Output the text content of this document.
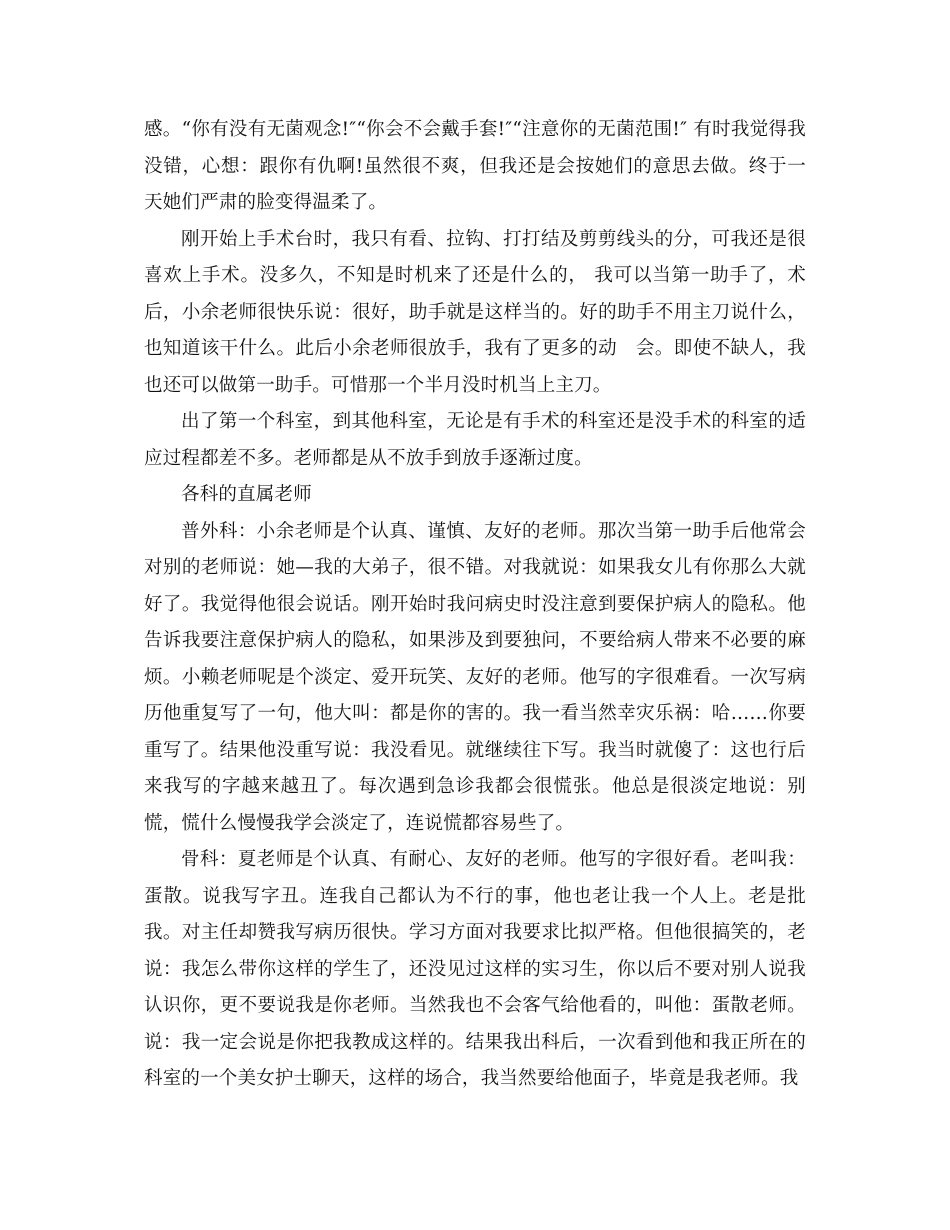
感。“你有没有无菌观念!″“你会不会戴手套!″“注意你的无菌范围!″ 有时我觉得我没错，心想：跟你有仇啊!虽然很不爽，但我还是会按她们的意思去做。终于一天她们严肃的脸变得温柔了。

刚开始上手术台时，我只有看、拉钩、打打结及剪剪线头的分，可我还是很喜欢上手术。没多久，不知是时机来了还是什么的， 我可以当第一助手了，术后，小余老师很快乐说：很好，助手就是这样当的。好的助手不用主刀说什么，也知道该干什么。此后小余老师很放手，我有了更多的动　会。即使不缺人，我也还可以做第一助手。可惜那一个半月没时机当上主刀。

出了第一个科室，到其他科室，无论是有手术的科室还是没手术的科室的适应过程都差不多。老师都是从不放手到放手逐渐过度。

各科的直属老师

普外科：小余老师是个认真、谨慎、友好的老师。那次当第一助手后他常会对别的老师说：她—我的大弟子，很不错。对我就说：如果我女儿有你那么大就好了。我觉得他很会说话。刚开始时我问病史时没注意到要保护病人的隐私。他告诉我要注意保护病人的隐私，如果涉及到要独问，不要给病人带来不必要的麻烦。小赖老师呢是个淡定、爱开玩笑、友好的老师。他写的字很难看。一次写病历他重复写了一句，他大叫：都是你的害的。我一看当然幸灾乐祸：哈……你要重写了。结果他没重写说：我没看见。就继续往下写。我当时就傻了：这也行后来我写的字越来越丑了。每次遇到急诊我都会很慌张。他总是很淡定地说：别慌，慌什么慢慢我学会淡定了，连说慌都容易些了。

骨科：夏老师是个认真、有耐心、友好的老师。他写的字很好看。老叫我：蛋散。说我写字丑。连我自己都认为不行的事，他也老让我一个人上。老是批我。对主任却赞我写病历很快。学习方面对我要求比拟严格。但他很搞笑的，老说：我怎么带你这样的学生了，还没见过这样的实习生，你以后不要对别人说我认识你，更不要说我是你老师。当然我也不会客气给他看的，叫他：蛋散老师。说：我一定会说是你把我教成这样的。结果我出科后，一次看到他和我正所在的科室的一个美女护士聊天，这样的场合，我当然要给他面子，毕竟是我老师。我
